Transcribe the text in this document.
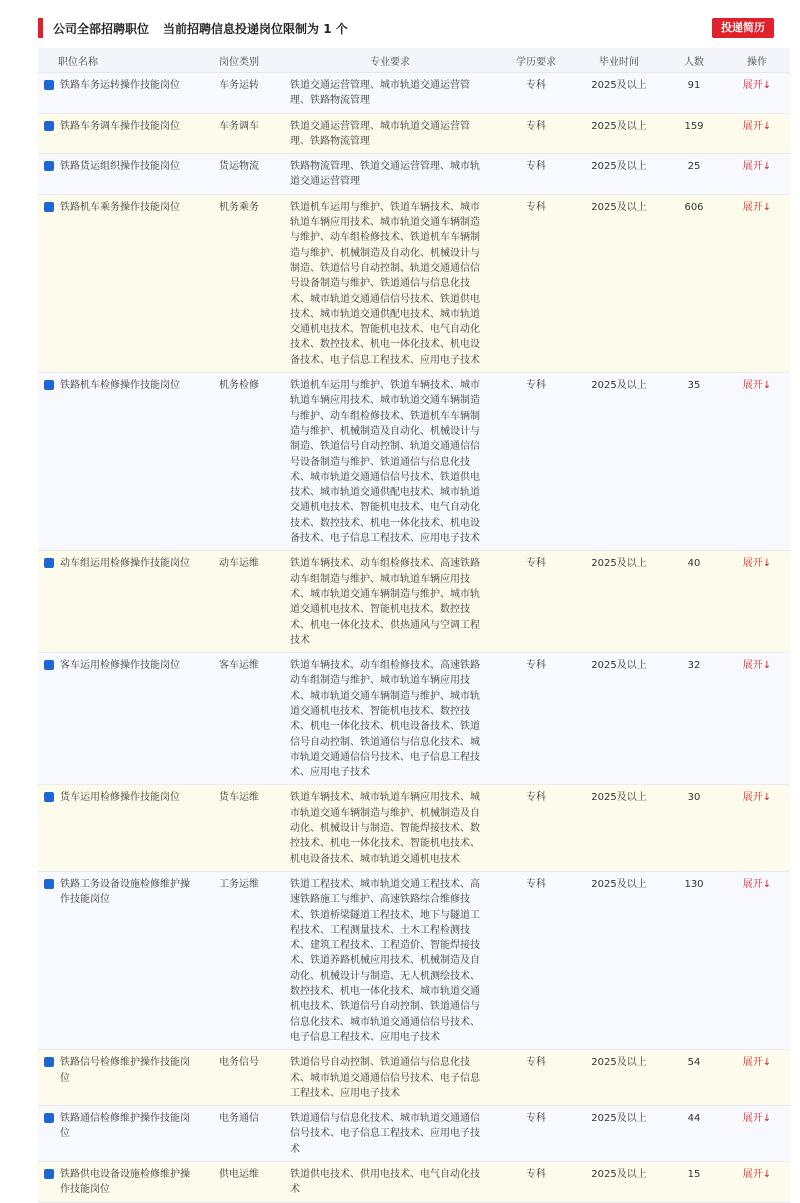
公司全部招聘职位 当前招聘信息投递岗位限制为 1 个	投递简历
职位名称	岗位类别	专业要求	学历要求	毕业时间	人数	操作

铁路车务运转操作技能岗位	车务运转	铁道交通运营管理、城市轨道交通运营管理、铁路物流管理	专科	2025及以上	91	展开↓

铁路车务调车操作技能岗位	车务调车	铁道交通运营管理、城市轨道交通运营管理、铁路物流管理	专科	2025及以上	159	展开↓

铁路货运组织操作技能岗位	货运物流	铁路物流管理、铁道交通运营管理、城市轨道交通运营管理	专科	2025及以上	25	展开↓

铁路机车乘务操作技能岗位	机务乘务	铁道机车运用与维护、铁道车辆技术、城市轨道车辆应用技术、城市轨道交通车辆制造与维护、动车组检修技术、铁道机车车辆制造与维护、机械制造及自动化、机械设计与制造、铁道信号自动控制、轨道交通通信信号设备制造与维护、铁道通信与信息化技术、城市轨道交通通信信号技术、铁道供电技术、城市轨道交通供配电技术、城市轨道交通机电技术、智能机电技术、电气自动化技术、数控技术、机电一体化技术、机电设备技术、电子信息工程技术、应用电子技术	专科	2025及以上	606	展开↓

铁路机车检修操作技能岗位	机务检修	铁道机车运用与维护、铁道车辆技术、城市轨道车辆应用技术、城市轨道交通车辆制造与维护、动车组检修技术、铁道机车车辆制造与维护、机械制造及自动化、机械设计与制造、铁道信号自动控制、轨道交通通信信号设备制造与维护、铁道通信与信息化技术、城市轨道交通通信信号技术、铁道供电技术、城市轨道交通供配电技术、城市轨道交通机电技术、智能机电技术、电气自动化技术、数控技术、机电一体化技术、机电设备技术、电子信息工程技术、应用电子技术	专科	2025及以上	35	展开↓

动车组运用检修操作技能岗位	动车运维	铁道车辆技术、动车组检修技术、高速铁路动车组制造与维护、城市轨道车辆应用技术、城市轨道交通车辆制造与维护、城市轨道交通机电技术、智能机电技术、数控技术、机电一体化技术、供热通风与空调工程技术	专科	2025及以上	40	展开↓

客车运用检修操作技能岗位	客车运维	铁道车辆技术、动车组检修技术、高速铁路动车组制造与维护、城市轨道车辆应用技术、城市轨道交通车辆制造与维护、城市轨道交通机电技术、智能机电技术、数控技术、机电一体化技术、机电设备技术、铁道信号自动控制、铁道通信与信息化技术、城市轨道交通通信信号技术、电子信息工程技术、应用电子技术	专科	2025及以上	32	展开↓

货车运用检修操作技能岗位	货车运维	铁道车辆技术、城市轨道车辆应用技术、城市轨道交通车辆制造与维护、机械制造及自动化、机械设计与制造、智能焊接技术、数控技术、机电一体化技术、智能机电技术、机电设备技术、城市轨道交通机电技术	专科	2025及以上	30	展开↓

铁路工务设备设施检修维护操作技能岗位	工务运维	铁道工程技术、城市轨道交通工程技术、高速铁路施工与维护、高速铁路综合维修技术、铁道桥梁隧道工程技术、地下与隧道工程技术、工程测量技术、土木工程检测技术、建筑工程技术、工程造价、智能焊接技术、铁道养路机械应用技术、机械制造及自动化、机械设计与制造、无人机测绘技术、数控技术、机电一体化技术、城市轨道交通机电技术、铁道信号自动控制、铁道通信与信息化技术、城市轨道交通通信信号技术、电子信息工程技术、应用电子技术	专科	2025及以上	130	展开↓

铁路信号检修维护操作技能岗位	电务信号	铁道信号自动控制、铁道通信与信息化技术、城市轨道交通通信信号技术、电子信息工程技术、应用电子技术	专科	2025及以上	54	展开↓

铁路通信检修维护操作技能岗位	电务通信	铁道通信与信息化技术、城市轨道交通通信信号技术、电子信息工程技术、应用电子技术	专科	2025及以上	44	展开↓

铁路供电设备设施检修维护操作技能岗位	供电运维	铁道供电技术、供用电技术、电气自动化技术	专科	2025及以上	15	展开↓
